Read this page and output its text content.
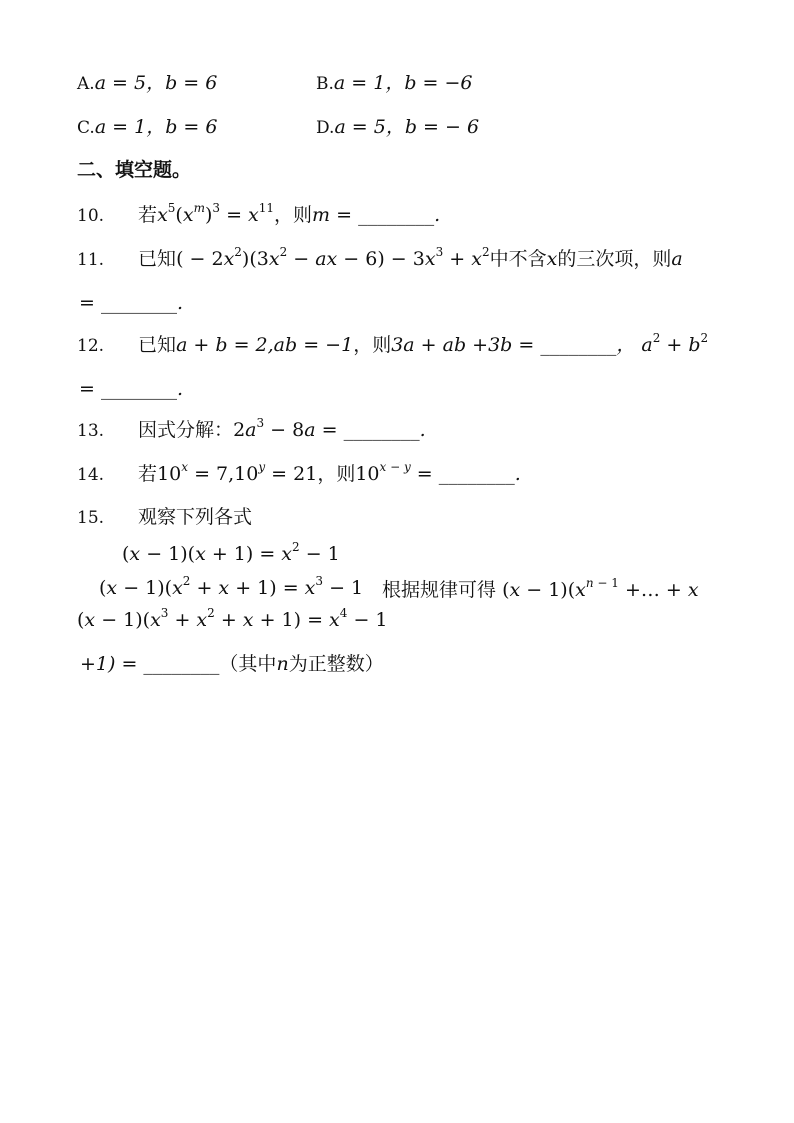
A.a = 5，b = 6	B.a = 1，b = −6
C.a = 1，b = 6	D.a = 5，b = − 6
二、填空题。
10. 若$x^5(x^m)^3 = x^{11}$，则m = ________.
11. 已知( − $2x^2)(3x^2$ − ax − $6) - 3x^3 + x^2$中不含x的三次项，则a
= ________.
12. 已知a + b = 2,ab = −1，则3a + ab +3b = ________， $a^2 + b^2$
= ________.
13. 因式分解：$2a^3 - 8a$ = ________.
14. 若$10^x = 7,10^y = 21$，则$10^{x - y}$ = ________.
15. 观察下列各式
$(x - 1)(x + 1) = x^2 - 1$
$(x - 1)(x^2 + x + 1) = x^3 - 1$ 根据规律可得 $(x - 1)(x^{n - 1}$ +… + x
$(x - 1)(x^3 + x^2 + x + 1) = x^4 - 1$
+1) = ________（其中n为正整数）
